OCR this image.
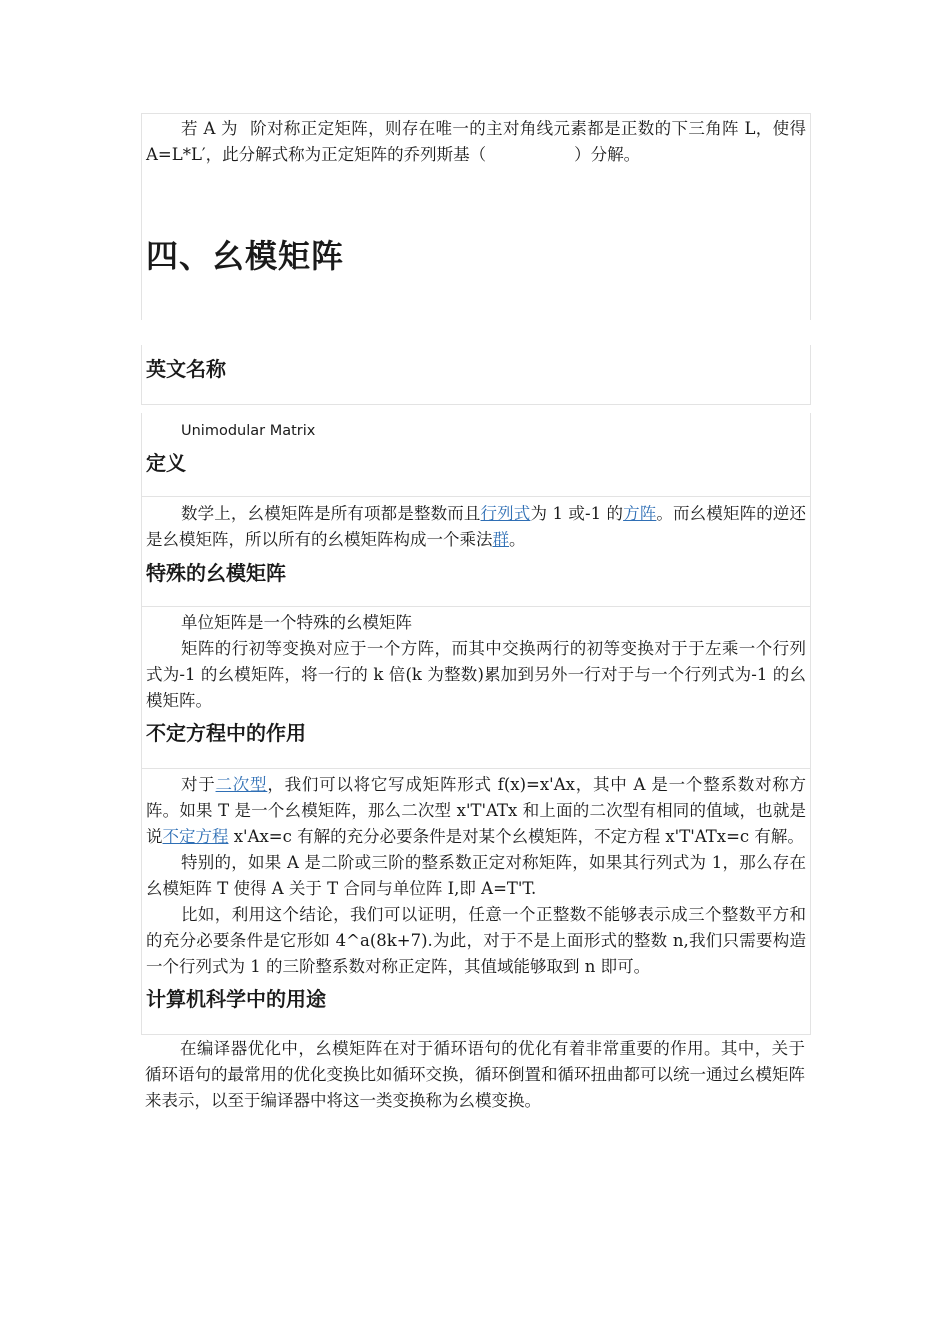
若 A 为 阶对称正定矩阵，则存在唯一的主对角线元素都是正数的下三角阵 L，使得 A=L*L′，此分解式称为正定矩阵的乔列斯基（	）分解。

四、幺模矩阵
英文名称

Unimodular Matrix

定义

数学上，幺模矩阵是所有项都是整数而且行列式为 1 或-1 的方阵。而幺模矩阵的逆还是幺模矩阵，所以所有的幺模矩阵构成一个乘法群。

特殊的幺模矩阵

单位矩阵是一个特殊的幺模矩阵

矩阵的行初等变换对应于一个方阵，而其中交换两行的初等变换对于于左乘一个行列式为-1 的幺模矩阵，将一行的 k 倍(k 为整数)累加到另外一行对于与一个行列式为-1 的幺模矩阵。

不定方程中的作用

对于二次型，我们可以将它写成矩阵形式 f(x)=x'Ax，其中 A 是一个整系数对称方阵。如果 T 是一个幺模矩阵，那么二次型 x'T'ATx 和上面的二次型有相同的值域，也就是说不定方程 x'Ax=c 有解的充分必要条件是对某个幺模矩阵，不定方程 x'T'ATx=c 有解。

特别的，如果 A 是二阶或三阶的整系数正定对称矩阵，如果其行列式为 1，那么存在幺模矩阵 T 使得 A 关于 T 合同与单位阵 I,即 A=T'T.

比如，利用这个结论，我们可以证明，任意一个正整数不能够表示成三个整数平方和的充分必要条件是它形如 4^a(8k+7).为此，对于不是上面形式的整数 n,我们只需要构造一个行列式为 1 的三阶整系数对称正定阵，其值域能够取到 n 即可。

计算机科学中的用途

在编译器优化中，幺模矩阵在对于循环语句的优化有着非常重要的作用。其中，关于循环语句的最常用的优化变换比如循环交换，循环倒置和循环扭曲都可以统一通过幺模矩阵来表示，以至于编译器中将这一类变换称为幺模变换。
